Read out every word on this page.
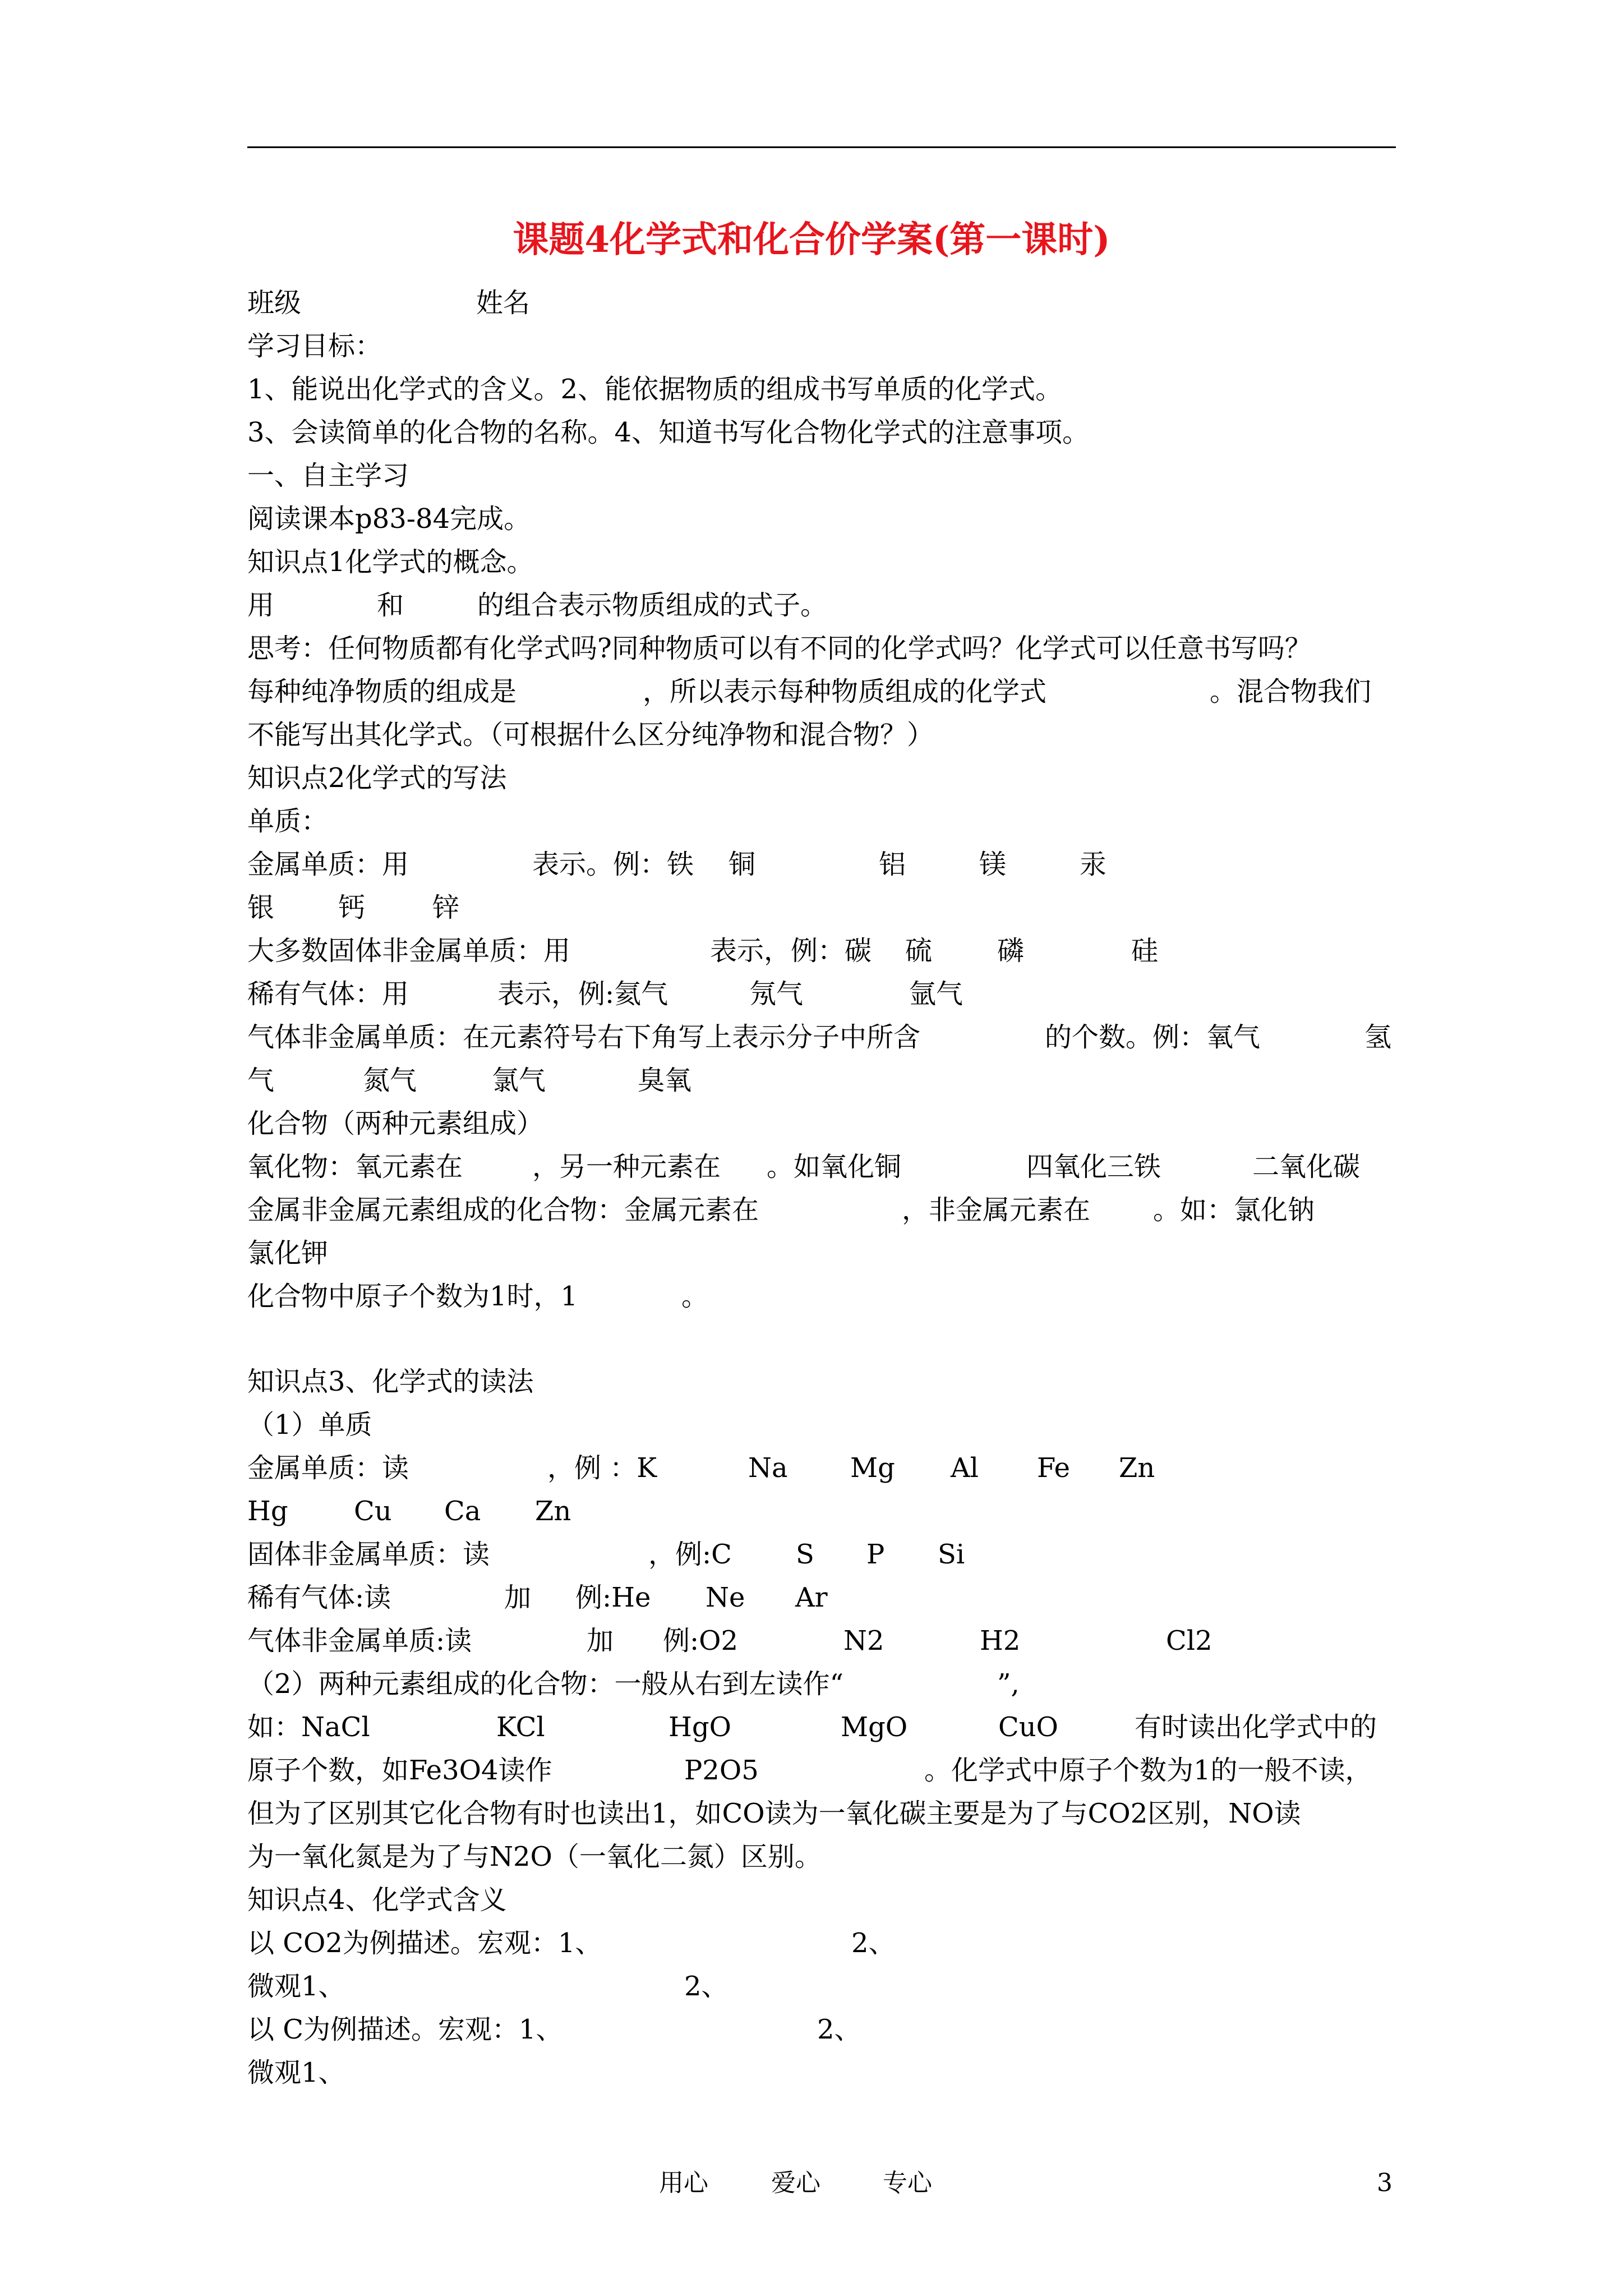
课题4化学式和化合价学案(第一课时)
班级	姓名
学习目标：
1、能说出化学式的含义。2、能依据物质的组成书写单质的化学式。
3、会读简单的化合物的名称。4、知道书写化合物化学式的注意事项。
一、自主学习
阅读课本p83-84完成。
知识点1化学式的概念。
用	和	的组合表示物质组成的式子。
思考：任何物质都有化学式吗?同种物质可以有不同的化学式吗？化学式可以任意书写吗？
每种纯净物质的组成是	，所以表示每种物质组成的化学式	。混合物我们
不能写出其化学式。（可根据什么区分纯净物和混合物？）
知识点2化学式的写法
单质：
金属单质：用	表示。例：铁 铜	铝	镁	汞
银 钙 锌
大多数固体非金属单质：用	表示，例：碳 硫 磷	硅
稀有气体：用	表示，例:氦气	氖气	氩气
气体非金属单质：在元素符号右下角写上表示分子中所含	的个数。例：氧气	氢
气	氮气	氯气	臭氧
化合物（两种元素组成）
氧化物：氧元素在	，另一种元素在 。如氧化铜	四氧化三铁	二氧化碳
金属非金属元素组成的化合物：金属元素在	，非金属元素在 。如：氯化钠
氯化钾
化合物中原子个数为1时，1	。
知识点3、化学式的读法
（1）单质
金属单质：读	，例 ：K	Na Mg Al Fe Zn
Hg Cu Ca Zn
固体非金属单质：读	，例:C S P Si
稀有气体:读	加 例:He Ne Ar
气体非金属单质:读	加 例:O2	N2	H2	Cl2
（2）两种元素组成的化合物：一般从右到左读作“	”,
如：NaCl	KCl	HgO	MgO	CuO	有时读出化学式中的
原子个数，如Fe3O4读作	P2O5	。化学式中原子个数为1的一般不读，
但为了区别其它化合物有时也读出1，如CO读为一氧化碳主要是为了与CO2区别，NO读
为一氧化氮是为了与N2O（一氧化二氮）区别。
知识点4、化学式含义
以 CO2为例描述。宏观：1、	2、
微观1、	2、
以 C为例描述。宏观：1、	2、
微观1、
用心	爱心	专心	3
